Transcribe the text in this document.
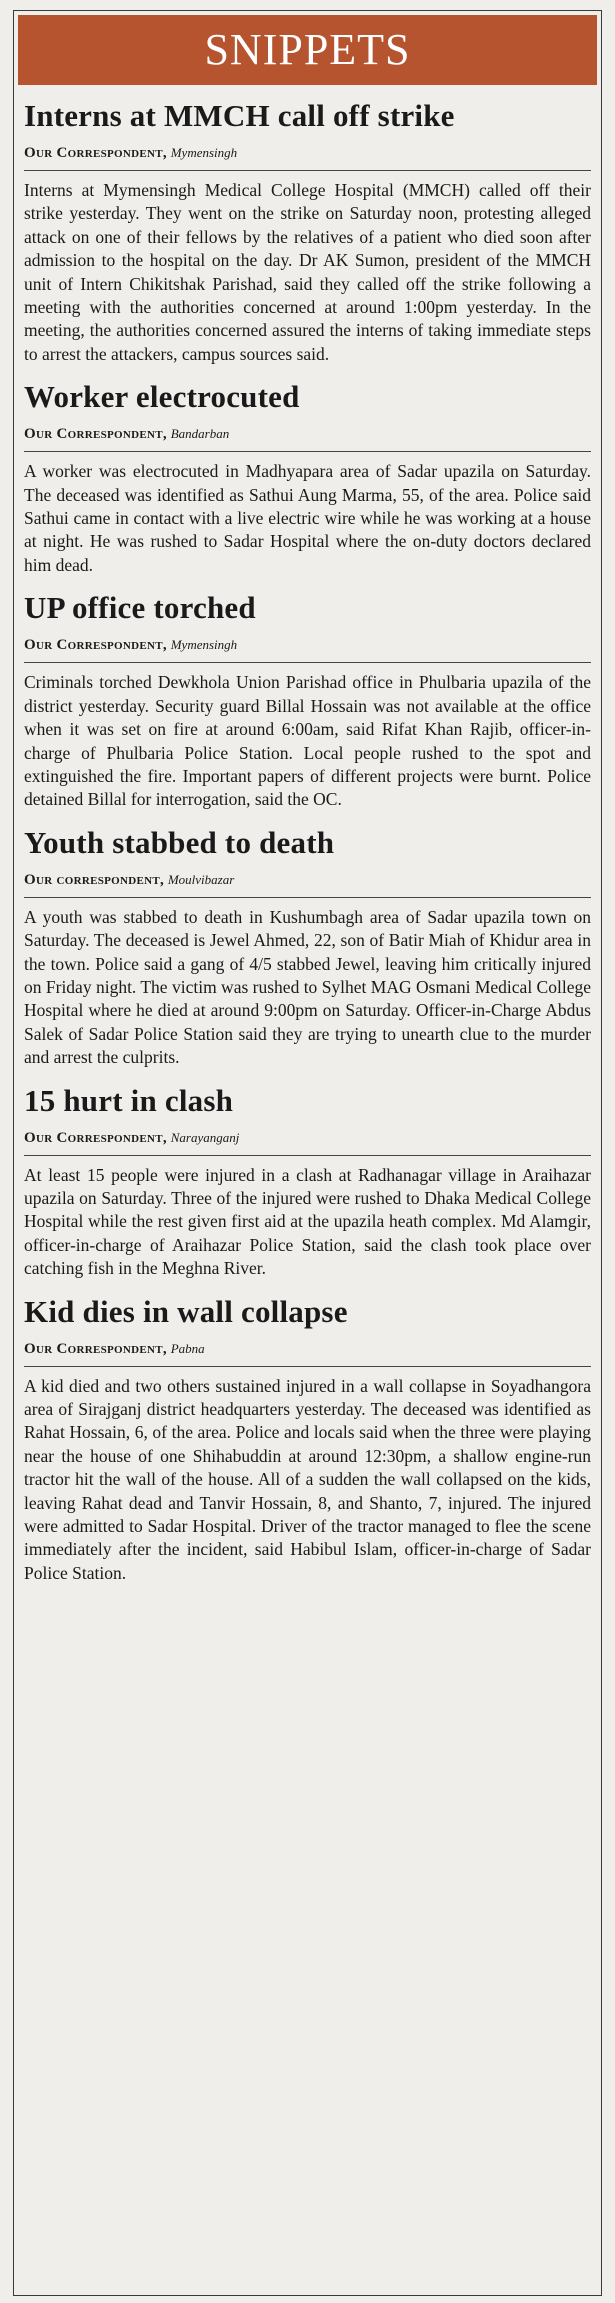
SNIPPETS
Interns at MMCH call off strike
Our Correspondent, Mymensingh

Interns at Mymensingh Medical College Hospital (MMCH) called off their strike yesterday. They went on the strike on Saturday noon, protesting alleged attack on one of their fellows by the relatives of a patient who died soon after admission to the hospital on the day. Dr AK Sumon, president of the MMCH unit of Intern Chikitshak Parishad, said they called off the strike following a meeting with the authorities concerned at around 1:00pm yesterday. In the meeting, the authorities concerned assured the interns of taking immediate steps to arrest the attackers, campus sources said.

Worker electrocuted
Our Correspondent, Bandarban

A worker was electrocuted in Madhyapara area of Sadar upazila on Saturday. The deceased was identified as Sathui Aung Marma, 55, of the area. Police said Sathui came in contact with a live electric wire while he was working at a house at night. He was rushed to Sadar Hospital where the on-duty doctors declared him dead.

UP office torched
Our Correspondent, Mymensingh

Criminals torched Dewkhola Union Parishad office in Phulbaria upazila of the district yesterday. Security guard Billal Hossain was not available at the office when it was set on fire at around 6:00am, said Rifat Khan Rajib, officer-in-charge of Phulbaria Police Station. Local people rushed to the spot and extinguished the fire. Important papers of different projects were burnt. Police detained Billal for interrogation, said the OC.

Youth stabbed to death
Our correspondent, Moulvibazar

A youth was stabbed to death in Kushumbagh area of Sadar upazila town on Saturday. The deceased is Jewel Ahmed, 22, son of Batir Miah of Khidur area in the town. Police said a gang of 4/5 stabbed Jewel, leaving him critically injured on Friday night. The victim was rushed to Sylhet MAG Osmani Medical College Hospital where he died at around 9:00pm on Saturday. Officer-in-Charge Abdus Salek of Sadar Police Station said they are trying to unearth clue to the murder and arrest the culprits.

15 hurt in clash
Our Correspondent, Narayanganj

At least 15 people were injured in a clash at Radhanagar village in Araihazar upazila on Saturday. Three of the injured were rushed to Dhaka Medical College Hospital while the rest given first aid at the upazila heath complex. Md Alamgir, officer-in-charge of Araihazar Police Station, said the clash took place over catching fish in the Meghna River.

Kid dies in wall collapse
Our Correspondent, Pabna

A kid died and two others sustained injured in a wall collapse in Soyadhangora area of Sirajganj district headquarters yesterday. The deceased was identified as Rahat Hossain, 6, of the area. Police and locals said when the three were playing near the house of one Shihabuddin at around 12:30pm, a shallow engine-run tractor hit the wall of the house. All of a sudden the wall collapsed on the kids, leaving Rahat dead and Tanvir Hossain, 8, and Shanto, 7, injured. The injured were admitted to Sadar Hospital. Driver of the tractor managed to flee the scene immediately after the incident, said Habibul Islam, officer-in-charge of Sadar Police Station.
